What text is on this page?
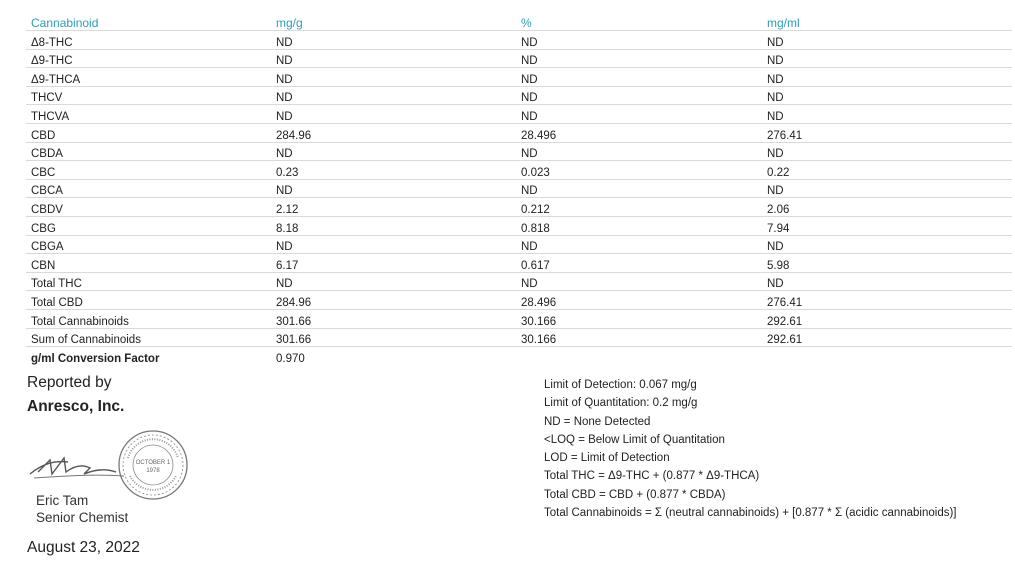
Cannabinoid	mg/g	%	mg/ml
Δ8-THC	ND	ND	ND
Δ9-THC	ND	ND	ND
Δ9-THCA	ND	ND	ND
THCV	ND	ND	ND
THCVA	ND	ND	ND
CBD	284.96	28.496	276.41
CBDA	ND	ND	ND
CBC	0.23	0.023	0.22
CBCA	ND	ND	ND
CBDV	2.12	0.212	2.06
CBG	8.18	0.818	7.94
CBGA	ND	ND	ND
CBN	6.17	0.617	5.98
Total THC	ND	ND	ND
Total CBD	284.96	28.496	276.41
Total Cannabinoids	301.66	30.166	292.61
Sum of Cannabinoids	301.66	30.166	292.61
g/ml Conversion Factor	0.970
Reported by
Anresco, Inc.
OCTOBER 1
1978
Eric Tam
Senior Chemist
August 23, 2022
Limit of Detection: 0.067 mg/g
Limit of Quantitation: 0.2 mg/g
ND = None Detected
<LOQ = Below Limit of Quantitation
LOD = Limit of Detection
Total THC = Δ9-THC + (0.877 * Δ9-THCA)
Total CBD = CBD + (0.877 * CBDA)
Total Cannabinoids = Σ (neutral cannabinoids) + [0.877 * Σ (acidic cannabinoids)]
